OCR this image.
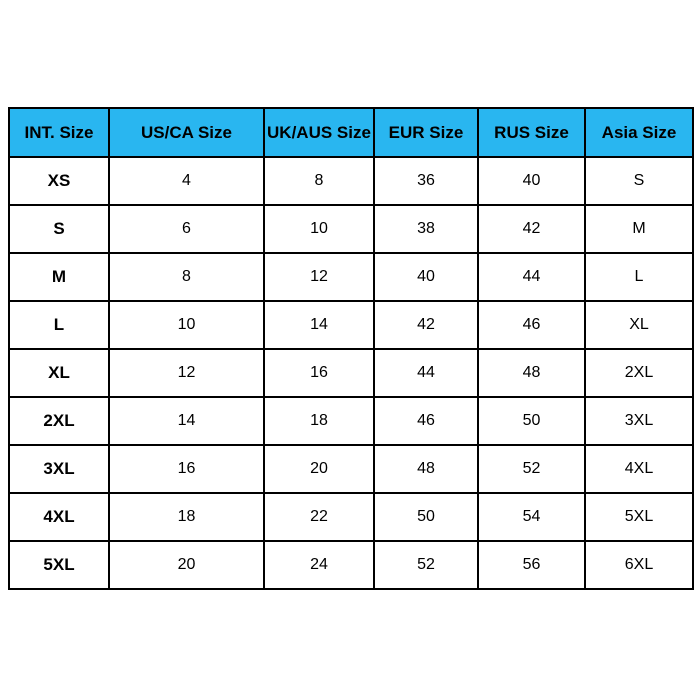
INT. Size	US/CA Size	UK/AUS Size	EUR Size	RUS Size	Asia Size
XS	4	8	36	40	S
S	6	10	38	42	M
M	8	12	40	44	L
L	10	14	42	46	XL
XL	12	16	44	48	2XL
2XL	14	18	46	50	3XL
3XL	16	20	48	52	4XL
4XL	18	22	50	54	5XL
5XL	20	24	52	56	6XL
